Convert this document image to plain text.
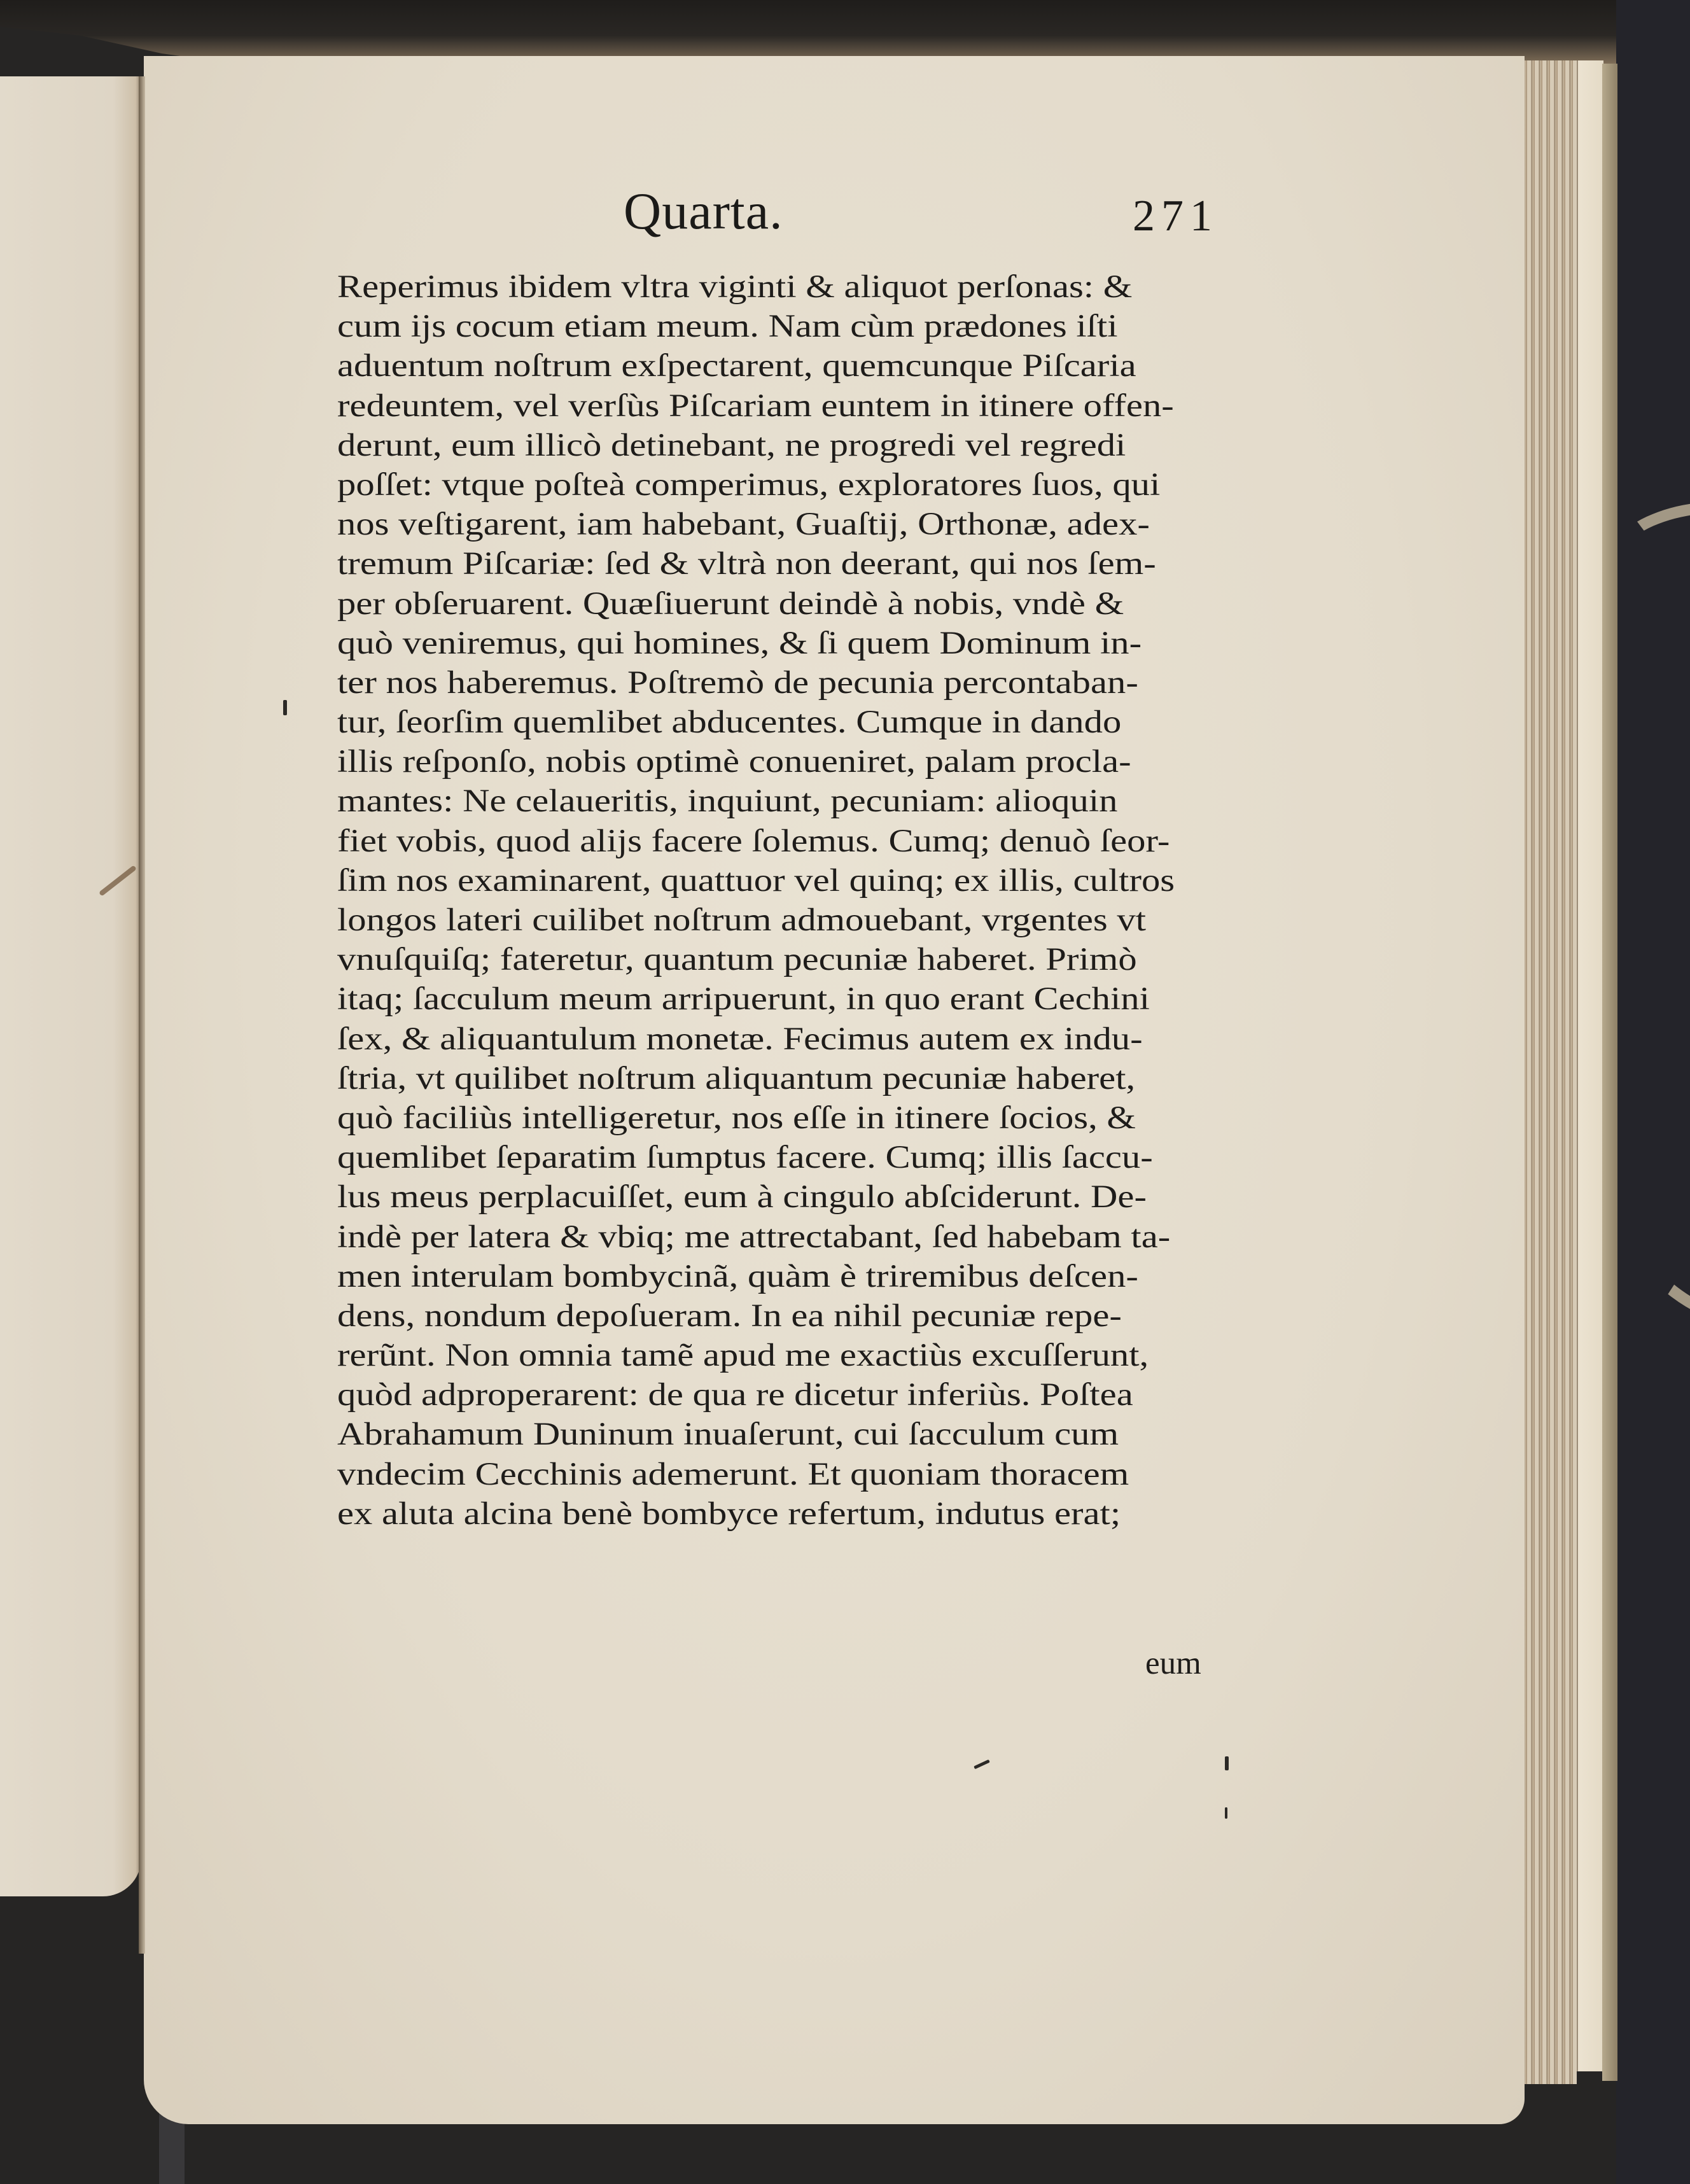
Quarta.	271
Reperimus ibidem vltra viginti & aliquot perſonas: &
cum ijs cocum etiam meum. Nam cùm prædones iſti
aduentum noſtrum exſpectarent, quemcunque Piſcaria
redeuntem, vel verſùs Piſcariam euntem in itinere offen-
derunt, eum illicò detinebant, ne progredi vel regredi
poſſet: vtque poſteà comperimus, exploratores ſuos, qui
nos veſtigarent, iam habebant, Guaſtij, Orthonæ, adex-
tremum Piſcariæ: ſed & vltrà non deerant, qui nos ſem-
per obſeruarent. Quæſiuerunt deindè à nobis, vndè &
quò veniremus, qui homines, & ſi quem Dominum in-
ter nos haberemus. Poſtremò de pecunia percontaban-
tur, ſeorſim quemlibet abducentes. Cumque in dando
illis reſponſo, nobis optimè conueniret, palam procla-
mantes: Ne celaueritis, inquiunt, pecuniam: alioquin
fiet vobis, quod alijs facere ſolemus. Cumq; denuò ſeor-
ſim nos examinarent, quattuor vel quinq; ex illis, cultros
longos lateri cuilibet noſtrum admouebant, vrgentes vt
vnuſquiſq; fateretur, quantum pecuniæ haberet. Primò
itaq; ſacculum meum arripuerunt, in quo erant Cechini
ſex, & aliquantulum monetæ. Fecimus autem ex indu-
ſtria, vt quilibet noſtrum aliquantum pecuniæ haberet,
quò faciliùs intelligeretur, nos eſſe in itinere ſocios, &
quemlibet ſeparatim ſumptus facere. Cumq; illis ſaccu-
lus meus perplacuiſſet, eum à cingulo abſciderunt. De-
indè per latera & vbiq; me attrectabant, ſed habebam ta-
men interulam bombycinã, quàm è triremibus deſcen-
dens, nondum depoſueram. In ea nihil pecuniæ repe-
rerũnt. Non omnia tamẽ apud me exactiùs excuſſerunt,
quòd adproperarent: de qua re dicetur inferiùs. Poſtea
Abrahamum Duninum inuaſerunt, cui ſacculum cum
vndecim Cecchinis ademerunt. Et quoniam thoracem
ex aluta alcina benè bombyce refertum, indutus erat;
eum
